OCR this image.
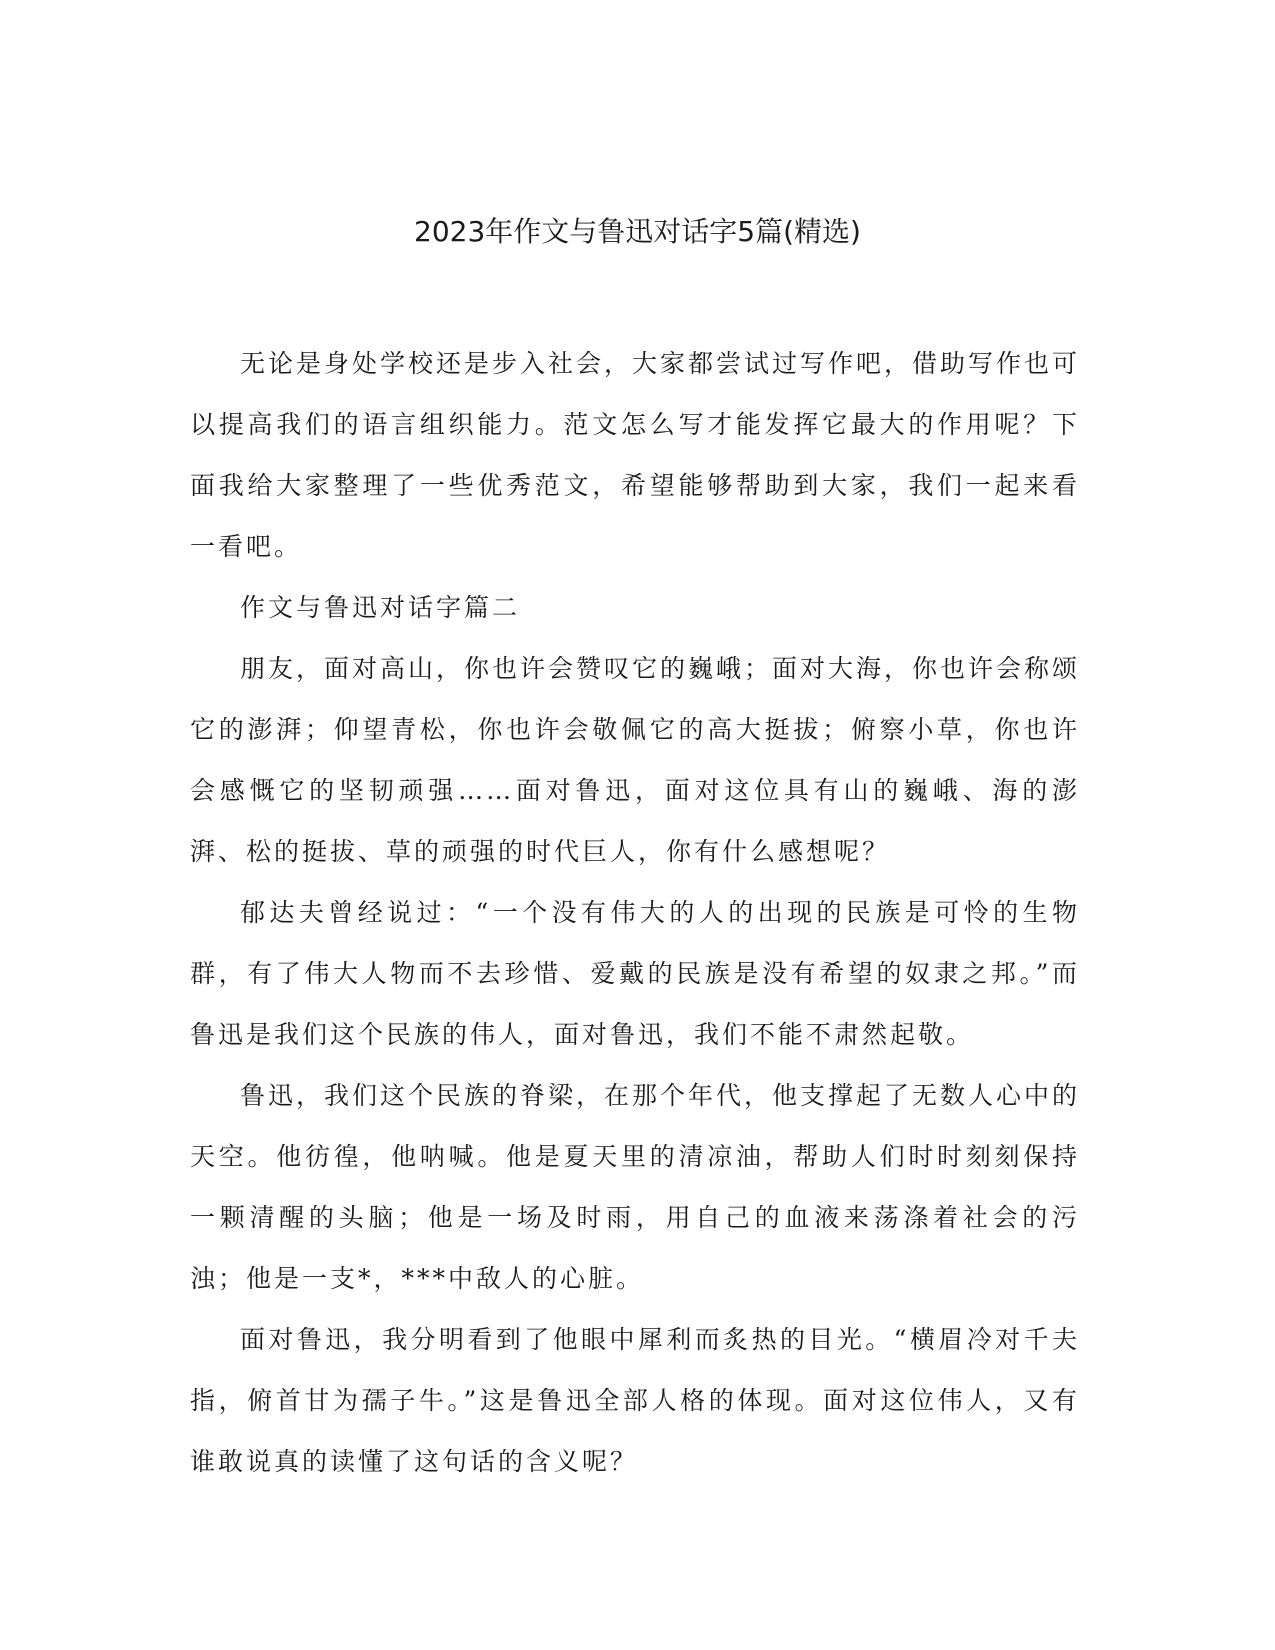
2023年作文与鲁迅对话字5篇(精选)

无论是身处学校还是步入社会，大家都尝试过写作吧，借助写作也可以提高我们的语言组织能力。范文怎么写才能发挥它最大的作用呢？下面我给大家整理了一些优秀范文，希望能够帮助到大家，我们一起来看一看吧。

作文与鲁迅对话字篇二

朋友，面对高山，你也许会赞叹它的巍峨；面对大海，你也许会称颂它的澎湃；仰望青松，你也许会敬佩它的高大挺拔；俯察小草，你也许会感慨它的坚韧顽强……面对鲁迅，面对这位具有山的巍峨、海的澎湃、松的挺拔、草的顽强的时代巨人，你有什么感想呢？

郁达夫曾经说过：“一个没有伟大的人的出现的民族是可怜的生物群，有了伟大人物而不去珍惜、爱戴的民族是没有希望的奴隶之邦。”而鲁迅是我们这个民族的伟人，面对鲁迅，我们不能不肃然起敬。

鲁迅，我们这个民族的脊梁，在那个年代，他支撑起了无数人心中的天空。他彷徨，他呐喊。他是夏天里的清凉油，帮助人们时时刻刻保持一颗清醒的头脑；他是一场及时雨，用自己的血液来荡涤着社会的污浊；他是一支*，***中敌人的心脏。

面对鲁迅，我分明看到了他眼中犀利而炙热的目光。“横眉冷对千夫指，俯首甘为孺子牛。”这是鲁迅全部人格的体现。面对这位伟人，又有谁敢说真的读懂了这句话的含义呢？
